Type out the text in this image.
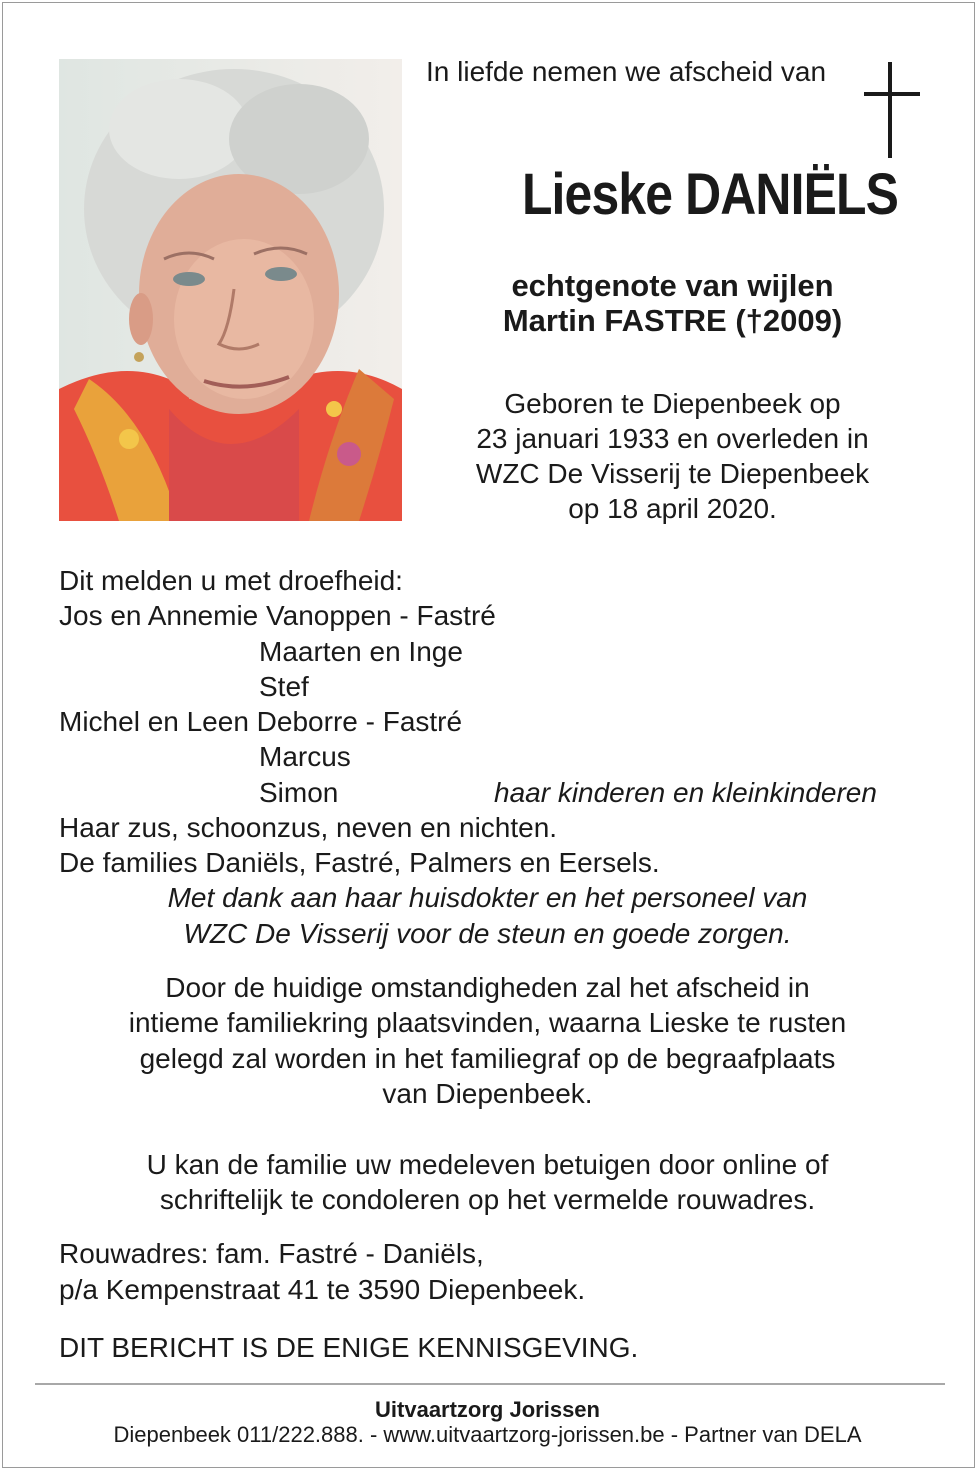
In liefde nemen we afscheid van
Lieske DANIËLS
echtgenote van wijlen
Martin FASTRE (†2009)
Geboren te Diepenbeek op
23 januari 1933 en overleden in
WZC De Visserij te Diepenbeek
op 18 april 2020.
Dit melden u met droefheid:
Jos en Annemie Vanoppen - Fastré
Maarten en Inge
Stef
Michel en Leen Deborre - Fastré
Marcus
Simon	haar kinderen en kleinkinderen
Haar zus, schoonzus, neven en nichten.
De families Daniëls, Fastré, Palmers en Eersels.
Met dank aan haar huisdokter en het personeel van
WZC De Visserij voor de steun en goede zorgen.
Door de huidige omstandigheden zal het afscheid in
intieme familiekring plaatsvinden, waarna Lieske te rusten
gelegd zal worden in het familiegraf op de begraafplaats
van Diepenbeek.
U kan de familie uw medeleven betuigen door online of
schriftelijk te condoleren op het vermelde rouwadres.
Rouwadres: fam. Fastré - Daniëls,
p/a Kempenstraat 41 te 3590 Diepenbeek.
DIT BERICHT IS DE ENIGE KENNISGEVING.
Uitvaartzorg Jorissen
Diepenbeek 011/222.888. - www.uitvaartzorg-jorissen.be - Partner van DELA
